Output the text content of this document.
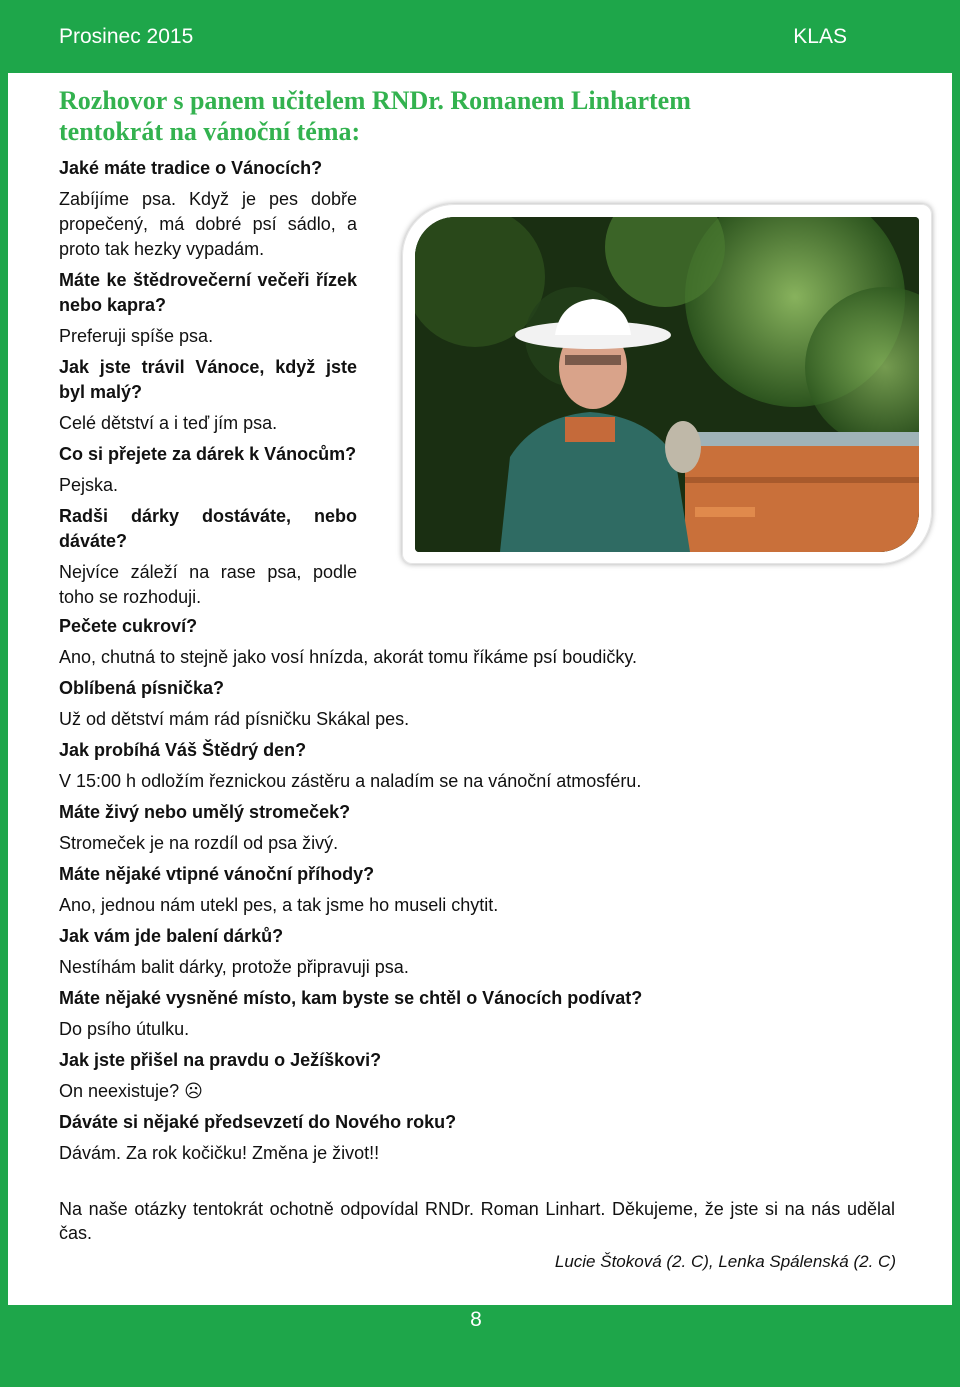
Prosinec 2015	KLAS
Rozhovor s panem učitelem RNDr. Romanem Linhartem tentokrát na vánoční téma:
Jaké máte tradice o Vánocích?
Zabíjíme psa. Když je pes dobře propečený, má dobré psí sádlo, a proto tak hezky vypadám.
Máte ke štědrovečerní večeři řízek nebo kapra?
Preferuji spíše psa.
Jak jste trávil Vánoce, když jste byl malý?
Celé dětství a i teď jím psa.
Co si přejete za dárek k Vánocům?
Pejska.
Radši dárky dostáváte, nebo dáváte?
Nejvíce záleží na rase psa, podle toho se rozhoduji.
Pečete cukroví?
Ano, chutná to stejně jako vosí hnízda, akorát tomu říkáme psí boudičky.
Oblíbená písnička?
Už od dětství mám rád písničku Skákal pes.
Jak probíhá Váš Štědrý den?
V 15:00 h odložím řeznickou zástěru a naladím se na vánoční atmosféru.
Máte živý nebo umělý stromeček?
Stromeček je na rozdíl od psa živý.
Máte nějaké vtipné vánoční příhody?
Ano, jednou nám utekl pes, a tak jsme ho museli chytit.
Jak vám jde balení dárků?
Nestíhám balit dárky, protože připravuji psa.
Máte nějaké vysněné místo, kam byste se chtěl o Vánocích podívat?
Do psího útulku.
Jak jste přišel na pravdu o Ježíškovi?
On neexistuje? ☹
Dáváte si nějaké předsevzetí do Nového roku?
Dávám. Za rok kočičku! Změna je život!!
Na naše otázky tentokrát ochotně odpovídal RNDr. Roman Linhart. Děkujeme, že jste si na nás udělal čas.
Lucie Štoková (2. C), Lenka Spálenská (2. C)
8
